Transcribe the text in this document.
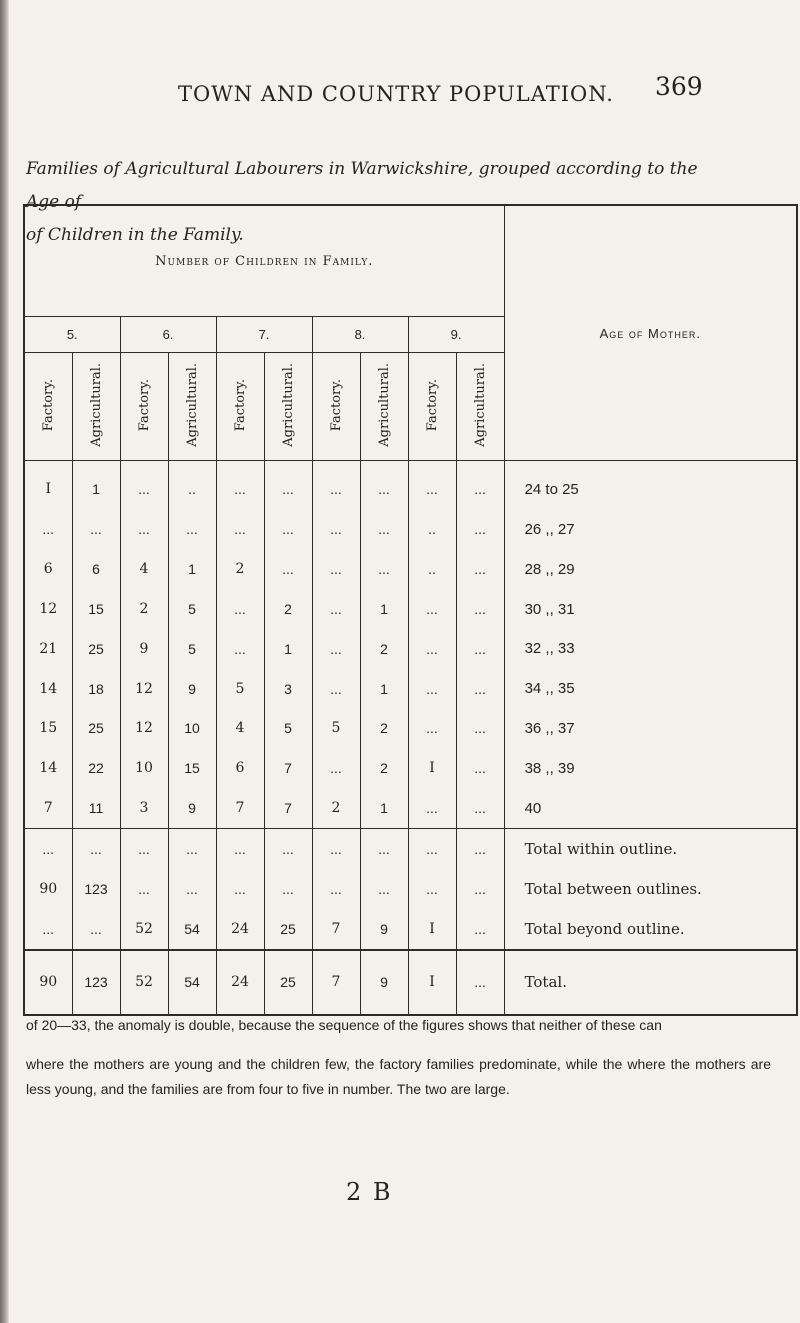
TOWN AND COUNTRY POPULATION. 369
Families of Agricultural Labourers in Warwickshire, grouped according to the Age of
of Children in the Family.
Number of Children in Family.										Age of Mother.
5.		6.		7.		8.		9.		
Factory.	Agricultural.	Factory.	Agricultural.	Factory.	Agricultural.	Factory.	Agricultural.	Factory.	Agricultural.	
I	1	...	..	...	...	...	...	...	...	24 to 25
...	...	...	...	...	...	...	...	..	...	26 ,, 27
6	6	4	1	2	...	...	...	..	...	28 ,, 29
12	15	2	5	...	2	...	1	...	...	30 ,, 31
21	25	9	5	...	1	...	2	...	...	32 ,, 33
14	18	12	9	5	3	...	1	...	...	34 ,, 35
15	25	12	10	4	5	5	2	...	...	36 ,, 37
14	22	10	15	6	7	...	2	I	...	38 ,, 39
7	11	3	9	7	7	2	1	...	...	40
...	...	...	...	...	...	...	...	...	...	Total within outline.
90	123	...	...	...	...	...	...	...	...	Total between outlines.
...	...	52	54	24	25	7	9	I	...	Total beyond outline.
90	123	52	54	24	25	7	9	I	...	Total.

of 20—33, the anomaly is double, because the sequence of the figures shows that neither of these can

where the mothers are young and the children few, the factory families predominate, while the where the mothers are less young, and the families are from four to five in number. The two are large.

2 B
